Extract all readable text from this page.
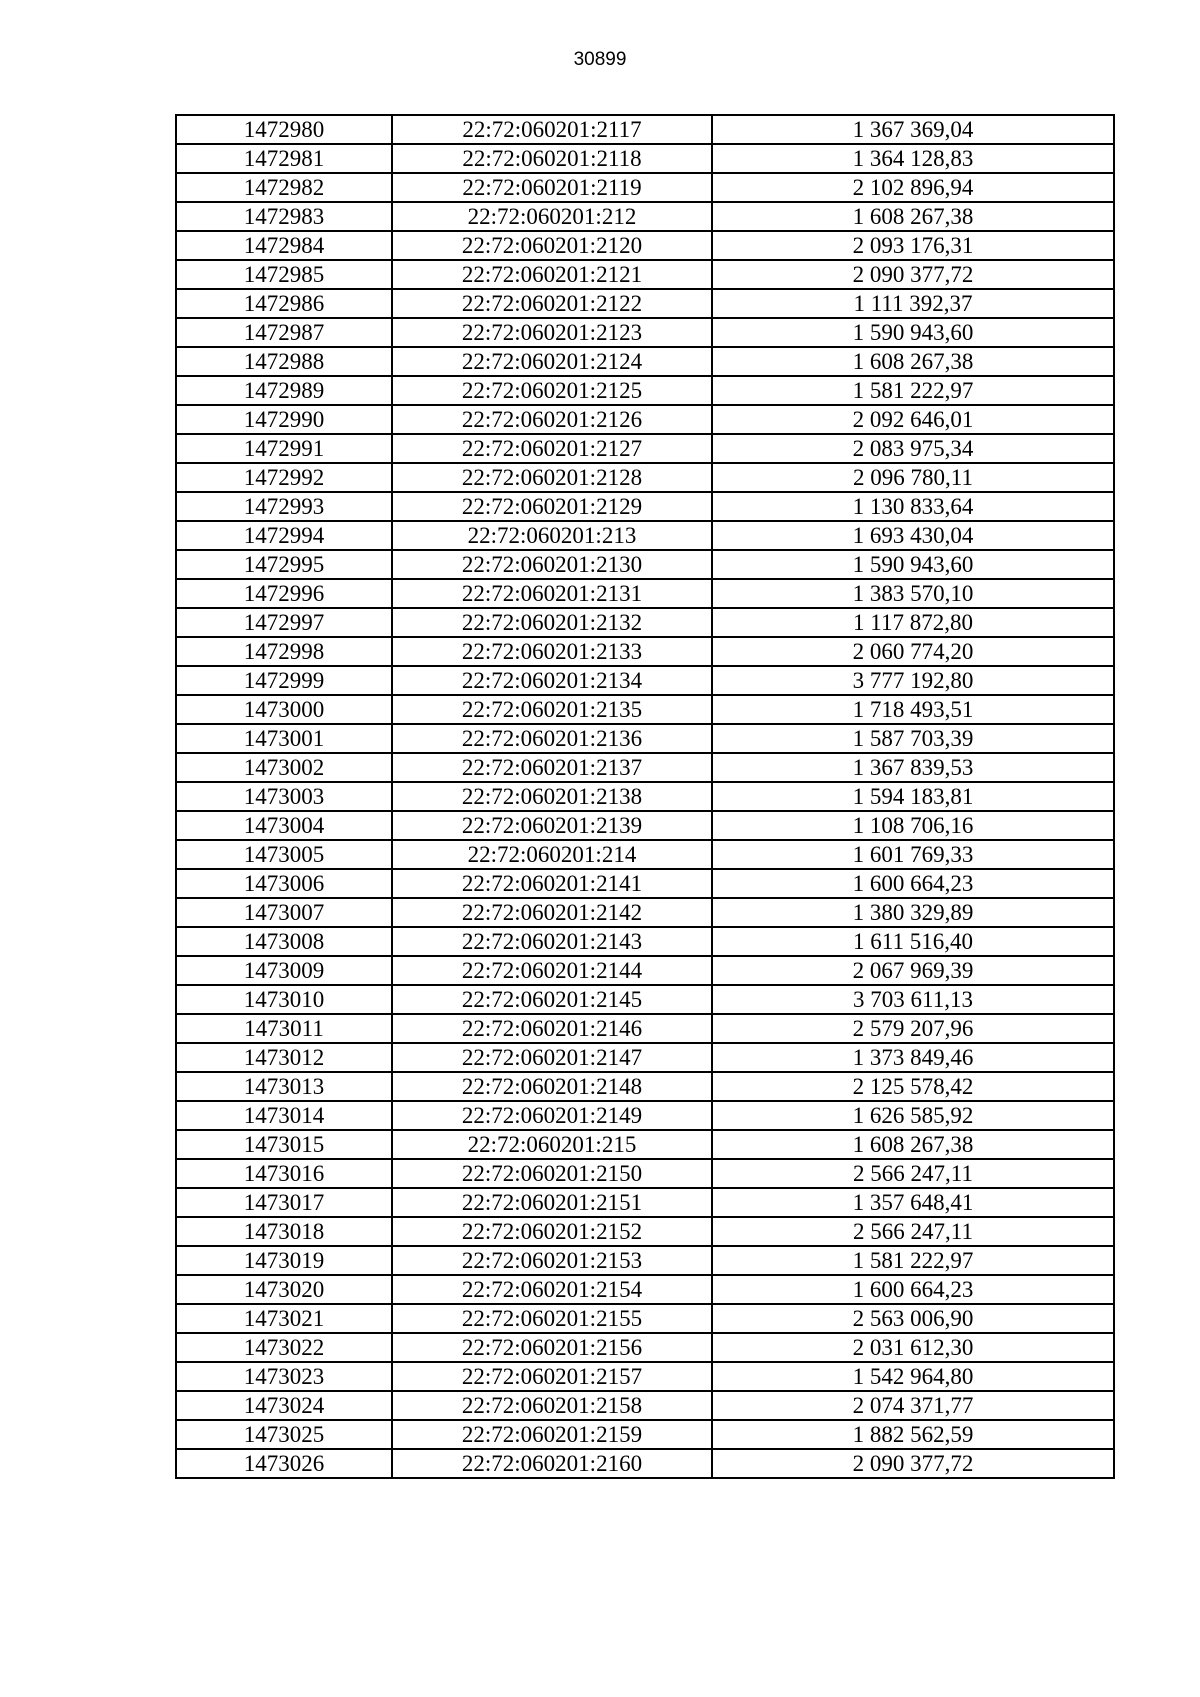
30899
1472980	22:72:060201:2117	1 367 369,04
1472981	22:72:060201:2118	1 364 128,83
1472982	22:72:060201:2119	2 102 896,94
1472983	22:72:060201:212	1 608 267,38
1472984	22:72:060201:2120	2 093 176,31
1472985	22:72:060201:2121	2 090 377,72
1472986	22:72:060201:2122	1 111 392,37
1472987	22:72:060201:2123	1 590 943,60
1472988	22:72:060201:2124	1 608 267,38
1472989	22:72:060201:2125	1 581 222,97
1472990	22:72:060201:2126	2 092 646,01
1472991	22:72:060201:2127	2 083 975,34
1472992	22:72:060201:2128	2 096 780,11
1472993	22:72:060201:2129	1 130 833,64
1472994	22:72:060201:213	1 693 430,04
1472995	22:72:060201:2130	1 590 943,60
1472996	22:72:060201:2131	1 383 570,10
1472997	22:72:060201:2132	1 117 872,80
1472998	22:72:060201:2133	2 060 774,20
1472999	22:72:060201:2134	3 777 192,80
1473000	22:72:060201:2135	1 718 493,51
1473001	22:72:060201:2136	1 587 703,39
1473002	22:72:060201:2137	1 367 839,53
1473003	22:72:060201:2138	1 594 183,81
1473004	22:72:060201:2139	1 108 706,16
1473005	22:72:060201:214	1 601 769,33
1473006	22:72:060201:2141	1 600 664,23
1473007	22:72:060201:2142	1 380 329,89
1473008	22:72:060201:2143	1 611 516,40
1473009	22:72:060201:2144	2 067 969,39
1473010	22:72:060201:2145	3 703 611,13
1473011	22:72:060201:2146	2 579 207,96
1473012	22:72:060201:2147	1 373 849,46
1473013	22:72:060201:2148	2 125 578,42
1473014	22:72:060201:2149	1 626 585,92
1473015	22:72:060201:215	1 608 267,38
1473016	22:72:060201:2150	2 566 247,11
1473017	22:72:060201:2151	1 357 648,41
1473018	22:72:060201:2152	2 566 247,11
1473019	22:72:060201:2153	1 581 222,97
1473020	22:72:060201:2154	1 600 664,23
1473021	22:72:060201:2155	2 563 006,90
1473022	22:72:060201:2156	2 031 612,30
1473023	22:72:060201:2157	1 542 964,80
1473024	22:72:060201:2158	2 074 371,77
1473025	22:72:060201:2159	1 882 562,59
1473026	22:72:060201:2160	2 090 377,72
